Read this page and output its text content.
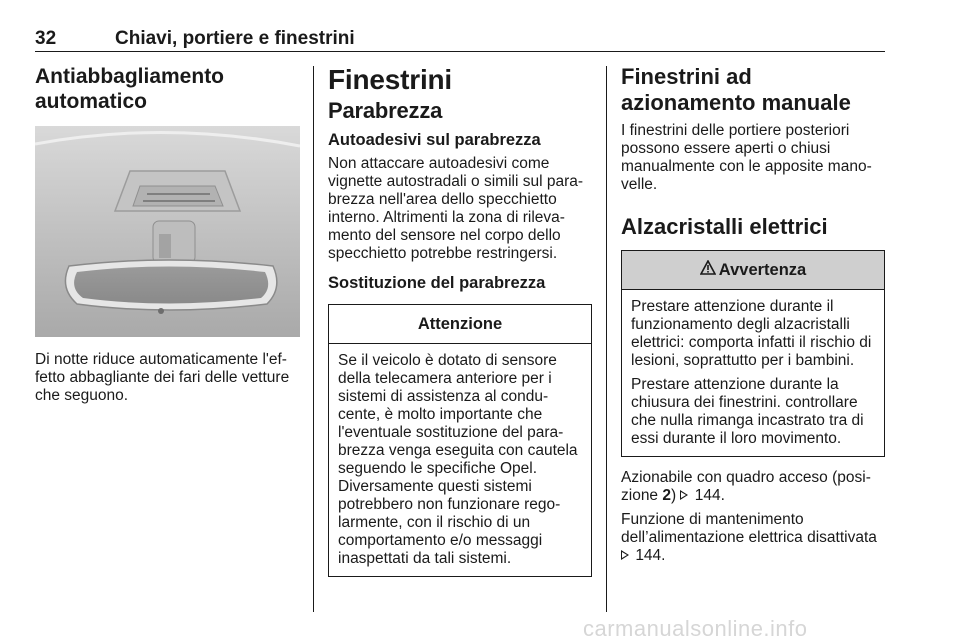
32	Chiavi, portiere e finestrini
Antiabbagliamento automatico

Di notte riduce automaticamente l'ef-fetto abbagliante dei fari delle vetture che seguono.

Finestrini
Parabrezza
Autoadesivi sul parabrezza

Non attaccare autoadesivi come vignette autostradali o simili sul para-brezza nell'area dello specchietto interno. Altrimenti la zona di rileva-mento del sensore nel corpo dello specchietto potrebbe restringersi.

Sostituzione del parabrezza
Attenzione

Se il veicolo è dotato di sensore della telecamera anteriore per i sistemi di assistenza al condu-cente, è molto importante che l'eventuale sostituzione del para-brezza venga eseguita con cautela seguendo le specifiche Opel. Diversamente questi sistemi potrebbero non funzionare rego-larmente, con il rischio di un comportamento e/o messaggi inaspettati da tali sistemi.

Finestrini ad azionamento manuale

I finestrini delle portiere posteriori possono essere aperti o chiusi manualmente con le apposite mano-velle.

Alzacristalli elettrici
Avvertenza

Prestare attenzione durante il funzionamento degli alzacristalli elettrici: comporta infatti il rischio di lesioni, soprattutto per i bambini.

Prestare attenzione durante la chiusura dei finestrini. controllare che nulla rimanga incastrato tra di essi durante il loro movimento.

Azionabile con quadro acceso (posi-zione 2) 144.

Funzione di mantenimento dell’alimentazione elettrica disattivata
144.

carmanualsonline.info
